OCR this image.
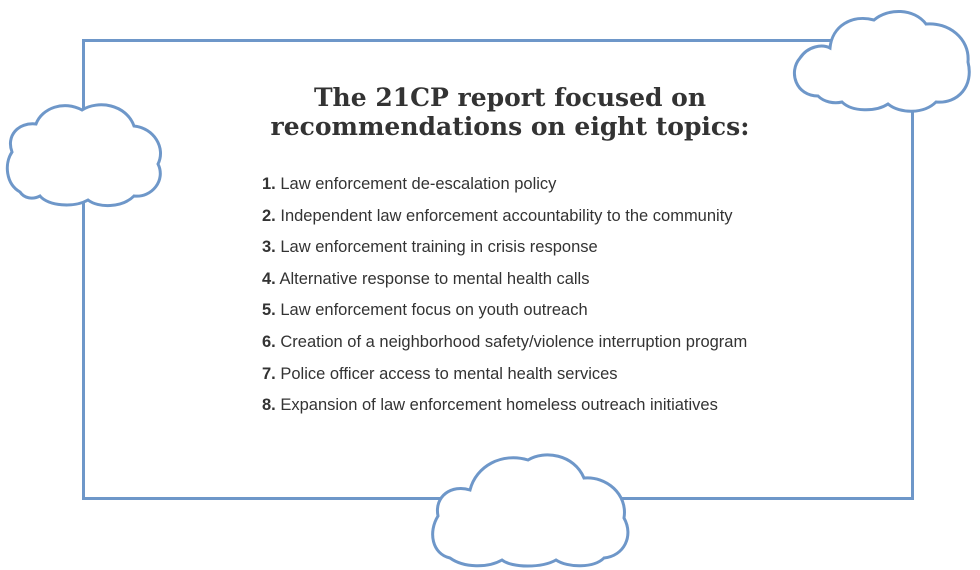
The 21CP report focused on
recommendations on eight topics:
1. Law enforcement de-escalation policy
2. Independent law enforcement accountability to the community
3. Law enforcement training in crisis response
4. Alternative response to mental health calls
5. Law enforcement focus on youth outreach
6. Creation of a neighborhood safety/violence interruption program
7. Police officer access to mental health services
8. Expansion of law enforcement homeless outreach initiatives
